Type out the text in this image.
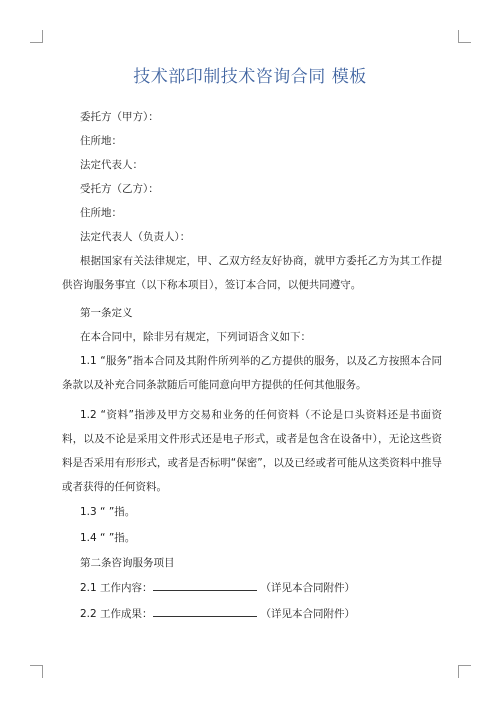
技术部印制技术咨询合同 模板

委托方（甲方）：

住所地：

法定代表人：

受托方（乙方）：

住所地：

法定代表人（负责人）：

根据国家有关法律规定，甲、乙双方经友好协商，就甲方委托乙方为其工作提供咨询服务事宜（以下称本项目），签订本合同，以便共同遵守。

第一条定义

在本合同中，除非另有规定，下列词语含义如下：

1.1 “服务”指本合同及其附件所列举的乙方提供的服务，以及乙方按照本合同条款以及补充合同条款随后可能同意向甲方提供的任何其他服务。

1.2 “资料”指涉及甲方交易和业务的任何资料（不论是口头资料还是书面资料，以及不论是采用文件形式还是电子形式，或者是包含在设备中），无论这些资料是否采用有形形式，或者是否标明“保密”，以及已经或者可能从这类资料中推导或者获得的任何资料。

1.3 “ ”指。

1.4 “ ”指。

第二条咨询服务项目

2.1 工作内容：	（详见本合同附件）

2.2 工作成果：	（详见本合同附件）
